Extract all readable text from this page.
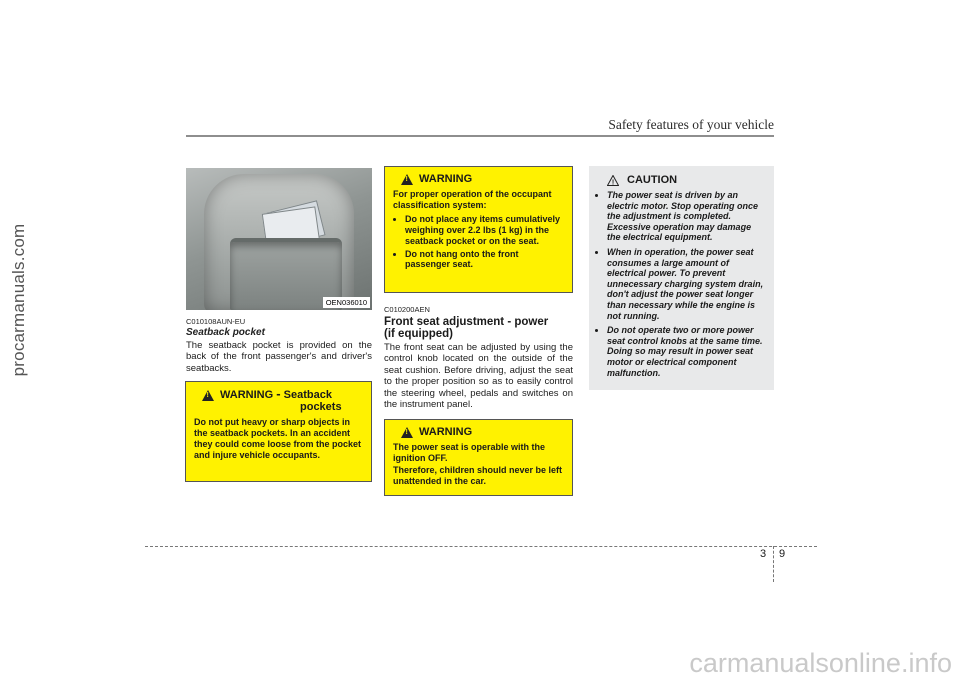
procarmanuals.com
Safety features of your vehicle
OEN036010
C010108AUN-EU
Seatback pocket
The seatback pocket is provided on the back of the front passenger's and driver's seatbacks.
! WARNING - Seatback
pockets
Do not put heavy or sharp objects in the seatback pockets. In an accident they could come loose from the pocket and injure vehicle occupants.
! WARNING
For proper operation of the occupant classification system:
• Do not place any items cumulatively weighing over 2.2 lbs (1 kg) in the seatback pocket or on the seat.
• Do not hang onto the front passenger seat.
C010200AEN
Front seat adjustment - power
(if equipped)
The front seat can be adjusted by using the control knob located on the outside of the seat cushion. Before driving, adjust the seat to the proper position so as to easily control the steering wheel, pedals and switches on the instrument panel.
! WARNING
The power seat is operable with the ignition OFF.
Therefore, children should never be left unattended in the car.
! CAUTION
• The power seat is driven by an electric motor. Stop operating once the adjustment is completed. Excessive operation may damage the electrical equipment.
• When in operation, the power seat consumes a large amount of electrical power. To prevent unnecessary charging system drain, don't adjust the power seat longer than necessary while the engine is not running.
• Do not operate two or more power seat control knobs at the same time. Doing so may result in power seat motor or electrical component malfunction.
3 9
carmanualsonline.info
